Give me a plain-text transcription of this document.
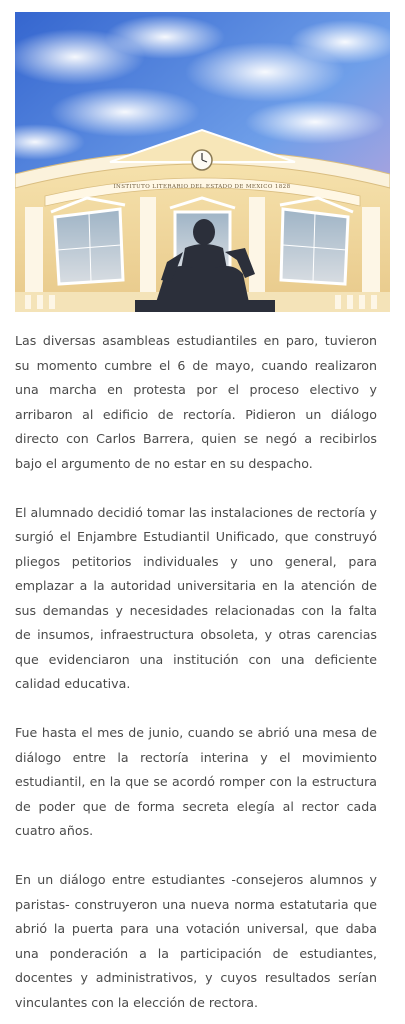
INSTITUTO LITERARIO DEL ESTADO DE MEXICO 1828

Las diversas asambleas estudiantiles en paro, tuvieron su momento cumbre el 6 de mayo, cuando realizaron una marcha en protesta por el proceso electivo y arribaron al edificio de rectoría. Pidieron un diálogo directo con Carlos Barrera, quien se negó a recibirlos bajo el argumento de no estar en su despacho.

El alumnado decidió tomar las instalaciones de rectoría y surgió el Enjambre Estudiantil Unificado, que construyó pliegos petitorios individuales y uno general, para emplazar a la autoridad universitaria en la atención de sus demandas y necesidades relacionadas con la falta de insumos, infraestructura obsoleta, y otras carencias que evidenciaron una institución con una deficiente calidad educativa.

Fue hasta el mes de junio, cuando se abrió una mesa de diálogo entre la rectoría interina y el movimiento estudiantil, en la que se acordó romper con la estructura de poder que de forma secreta elegía al rector cada cuatro años.

En un diálogo entre estudiantes -consejeros alumnos y paristas- construyeron una nueva norma estatutaria que abrió la puerta para una votación universal, que daba una ponderación a la participación de estudiantes, docentes y administrativos, y cuyos resultados serían vinculantes con la elección de rectora.
